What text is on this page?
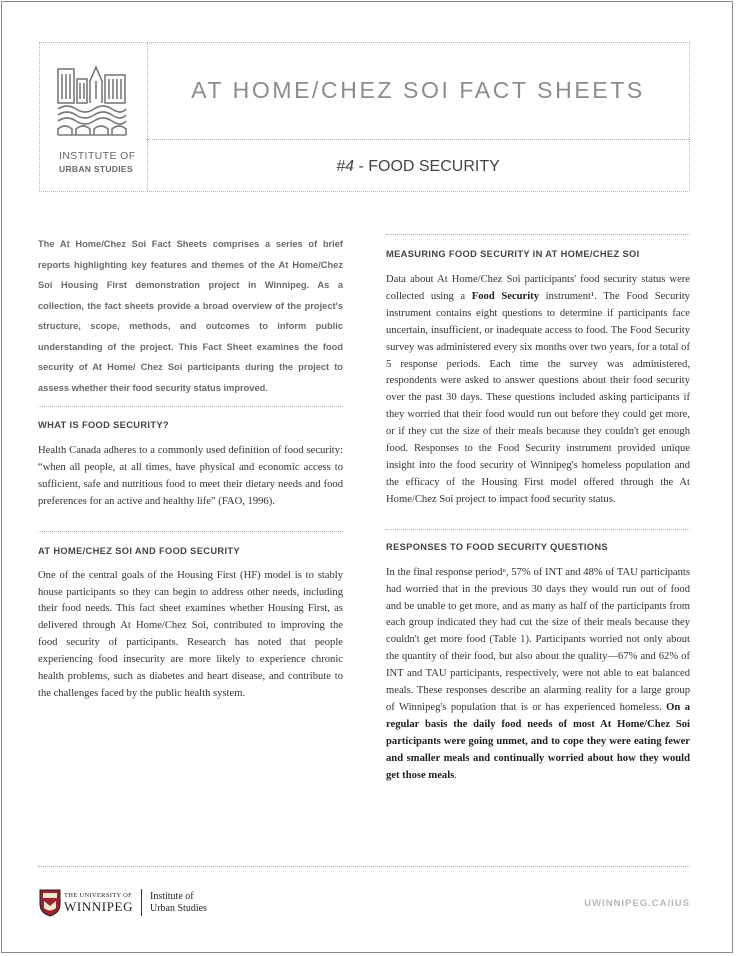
INSTITUTE OF
URBAN STUDIES
AT HOME/CHEZ SOI FACT SHEETS
#4 - FOOD SECURITY

The At Home/Chez Soi Fact Sheets comprises a series of brief reports highlighting key features and themes of the At Home/Chez Soi Housing First demonstration project in Winnipeg. As a collection, the fact sheets provide a broad overview of the project's structure, scope, methods, and outcomes to inform public understanding of the project. This Fact Sheet examines the food security of At Home/ Chez Soi participants during the project to assess whether their food security status improved.

WHAT IS FOOD SECURITY?

Health Canada adheres to a commonly used definition of food security: “when all people, at all times, have physical and economic access to sufficient, safe and nutritious food to meet their dietary needs and food preferences for an active and healthy life” (FAO, 1996).

AT HOME/CHEZ SOI AND FOOD SECURITY

One of the central goals of the Housing First (HF) model is to stably house participants so they can begin to address other needs, including their food needs. This fact sheet examines whether Housing First, as delivered through At Home/Chez Soi, contributed to improving the food security of participants. Research has noted that people experiencing food insecurity are more likely to experience chronic health problems, such as diabetes and heart disease, and contribute to the challenges faced by the public health system.

MEASURING FOOD SECURITY IN AT HOME/CHEZ SOI

Data about At Home/Chez Soi participants' food security status were collected using a Food Security instrument¹. The Food Security instrument contains eight questions to determine if participants face uncertain, insufficient, or inadequate access to food. The Food Security survey was administered every six months over two years, for a total of 5 response periods. Each time the survey was administered, respondents were asked to answer questions about their food security over the past 30 days. These questions included asking participants if they worried that their food would run out before they could get more, or if they cut the size of their meals because they couldn't get enough food. Responses to the Food Security instrument provided unique insight into the food security of Winnipeg's homeless population and the efficacy of the Housing First model offered through the At Home/Chez Soi project to impact food security status.

RESPONSES TO FOOD SECURITY QUESTIONS

In the final response periodᶦᶦ, 57% of INT and 48% of TAU participants had worried that in the previous 30 days they would run out of food and be unable to get more, and as many as half of the participants from each group indicated they had cut the size of their meals because they couldn't get more food (Table 1). Participants worried not only about the quantity of their food, but also about the quality—67% and 62% of INT and TAU participants, respectively, were not able to eat balanced meals. These responses describe an alarming reality for a large group of Winnipeg's population that is or has experienced homeless. On a regular basis the daily food needs of most At Home/Chez Soi participants were going unmet, and to cope they were eating fewer and smaller meals and continually worried about how they would get those meals.

THE UNIVERSITY OF
WINNIPEG
Institute of
Urban Studies	UWINNIPEG.CA/IUS
